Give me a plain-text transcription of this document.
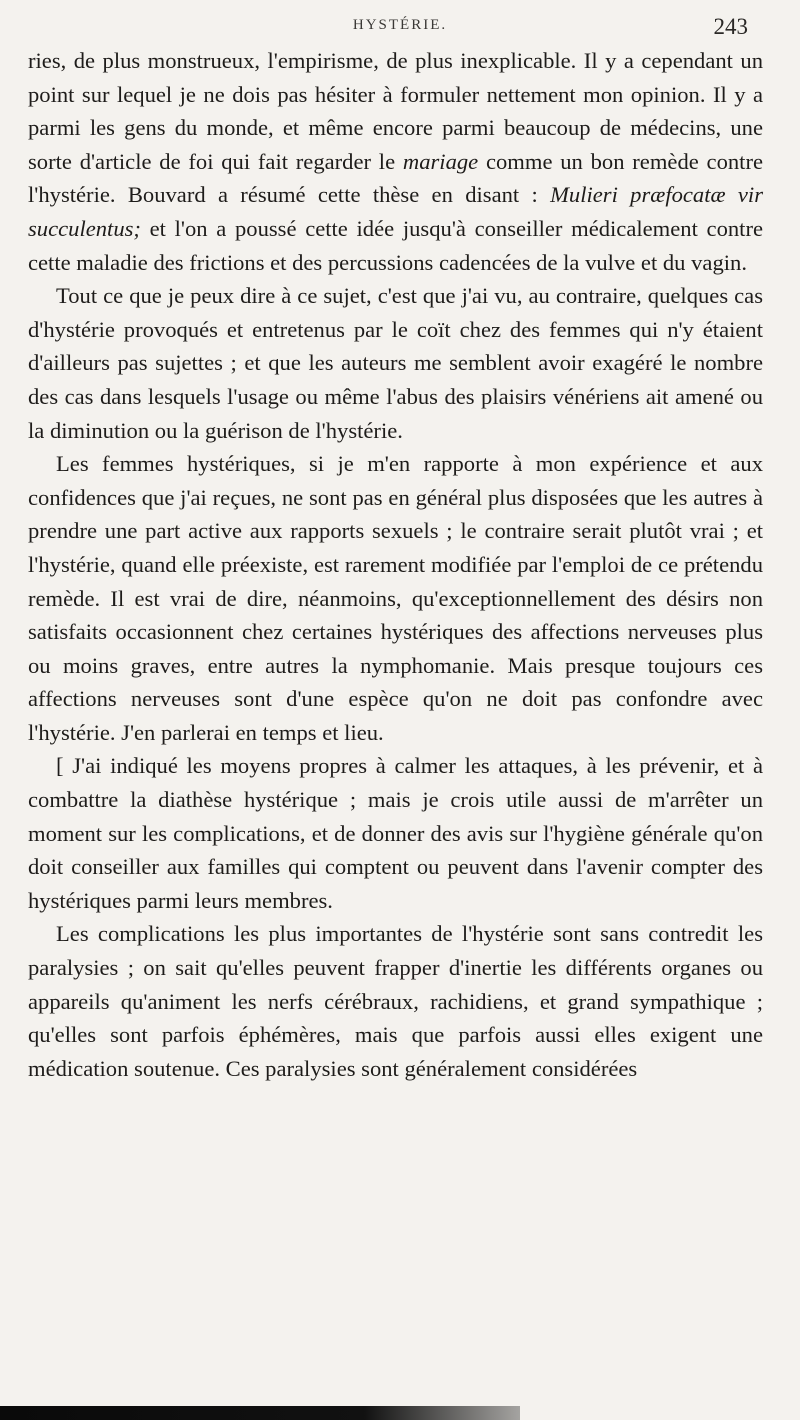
HYSTÉRIE.	243

ries, de plus monstrueux, l'empirisme, de plus inexplicable. Il y a cependant un point sur lequel je ne dois pas hésiter à formuler nettement mon opinion. Il y a parmi les gens du monde, et même encore parmi beaucoup de médecins, une sorte d'article de foi qui fait regarder le mariage comme un bon remède contre l'hystérie. Bouvard a résumé cette thèse en disant : Mulieri præfocatæ vir succulentus; et l'on a poussé cette idée jusqu'à conseiller médicalement contre cette maladie des frictions et des percussions cadencées de la vulve et du vagin.

Tout ce que je peux dire à ce sujet, c'est que j'ai vu, au contraire, quelques cas d'hystérie provoqués et entretenus par le coït chez des femmes qui n'y étaient d'ailleurs pas sujettes ; et que les auteurs me semblent avoir exagéré le nombre des cas dans lesquels l'usage ou même l'abus des plaisirs vénériens ait amené ou la diminution ou la guérison de l'hystérie.

Les femmes hystériques, si je m'en rapporte à mon expérience et aux confidences que j'ai reçues, ne sont pas en général plus disposées que les autres à prendre une part active aux rapports sexuels ; le contraire serait plutôt vrai ; et l'hystérie, quand elle préexiste, est rarement modifiée par l'emploi de ce prétendu remède. Il est vrai de dire, néanmoins, qu'exceptionnellement des désirs non satisfaits occasionnent chez certaines hystériques des affections nerveuses plus ou moins graves, entre autres la nymphomanie. Mais presque toujours ces affections nerveuses sont d'une espèce qu'on ne doit pas confondre avec l'hystérie. J'en parlerai en temps et lieu.

[ J'ai indiqué les moyens propres à calmer les attaques, à les prévenir, et à combattre la diathèse hystérique ; mais je crois utile aussi de m'arrêter un moment sur les complications, et de donner des avis sur l'hygiène générale qu'on doit conseiller aux familles qui comptent ou peuvent dans l'avenir compter des hystériques parmi leurs membres.

Les complications les plus importantes de l'hystérie sont sans contredit les paralysies ; on sait qu'elles peuvent frapper d'inertie les différents organes ou appareils qu'animent les nerfs cérébraux, rachidiens, et grand sympathique ; qu'elles sont parfois éphémères, mais que parfois aussi elles exigent une médication soutenue. Ces paralysies sont généralement considérées
